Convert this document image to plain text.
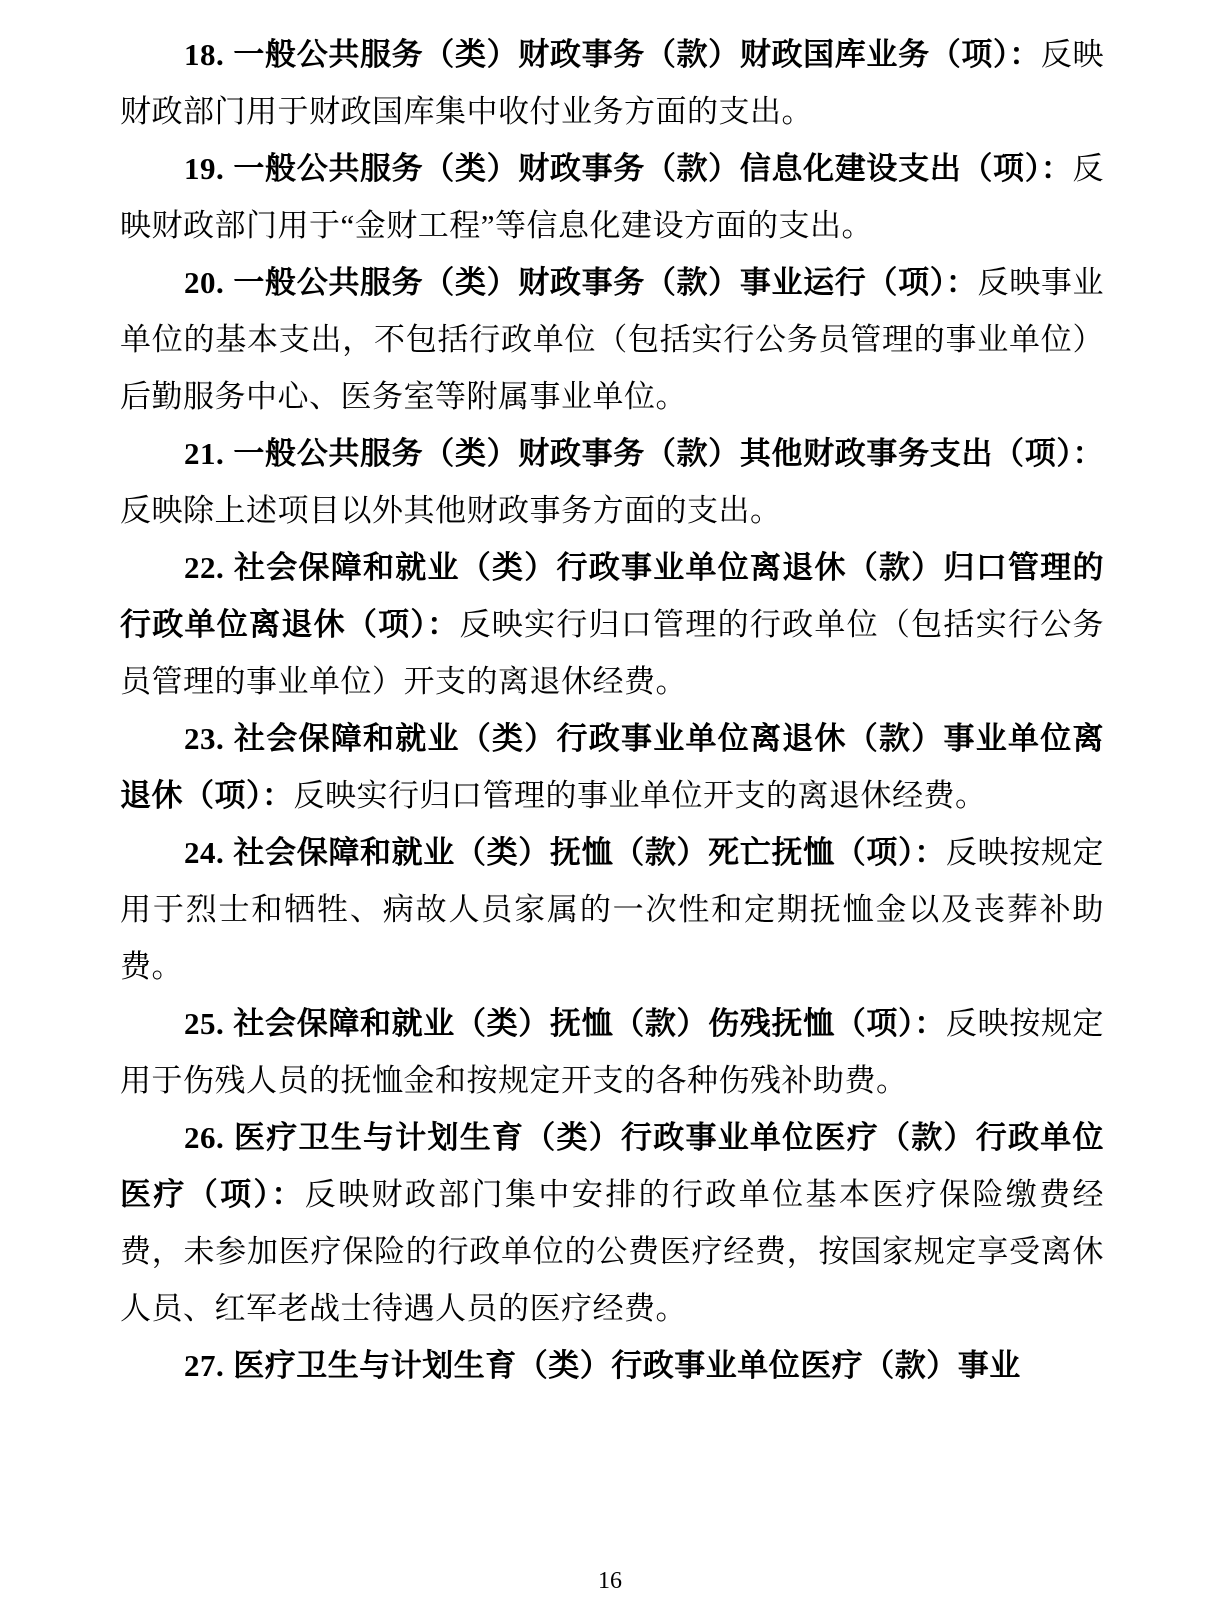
18. 一般公共服务（类）财政事务（款）财政国库业务（项）：反映财政部门用于财政国库集中收付业务方面的支出。

19. 一般公共服务（类）财政事务（款）信息化建设支出（项）：反映财政部门用于“金财工程”等信息化建设方面的支出。

20. 一般公共服务（类）财政事务（款）事业运行（项）：反映事业单位的基本支出，不包括行政单位（包括实行公务员管理的事业单位）后勤服务中心、医务室等附属事业单位。

21. 一般公共服务（类）财政事务（款）其他财政事务支出（项）：反映除上述项目以外其他财政事务方面的支出。

22. 社会保障和就业（类）行政事业单位离退休（款）归口管理的行政单位离退休（项）：反映实行归口管理的行政单位（包括实行公务员管理的事业单位）开支的离退休经费。

23. 社会保障和就业（类）行政事业单位离退休（款）事业单位离退休（项）：反映实行归口管理的事业单位开支的离退休经费。

24. 社会保障和就业（类）抚恤（款）死亡抚恤（项）：反映按规定用于烈士和牺牲、病故人员家属的一次性和定期抚恤金以及丧葬补助费。

25. 社会保障和就业（类）抚恤（款）伤残抚恤（项）：反映按规定用于伤残人员的抚恤金和按规定开支的各种伤残补助费。

26. 医疗卫生与计划生育（类）行政事业单位医疗（款）行政单位医疗（项）：反映财政部门集中安排的行政单位基本医疗保险缴费经费，未参加医疗保险的行政单位的公费医疗经费，按国家规定享受离休人员、红军老战士待遇人员的医疗经费。

27. 医疗卫生与计划生育（类）行政事业单位医疗（款）事业

16
